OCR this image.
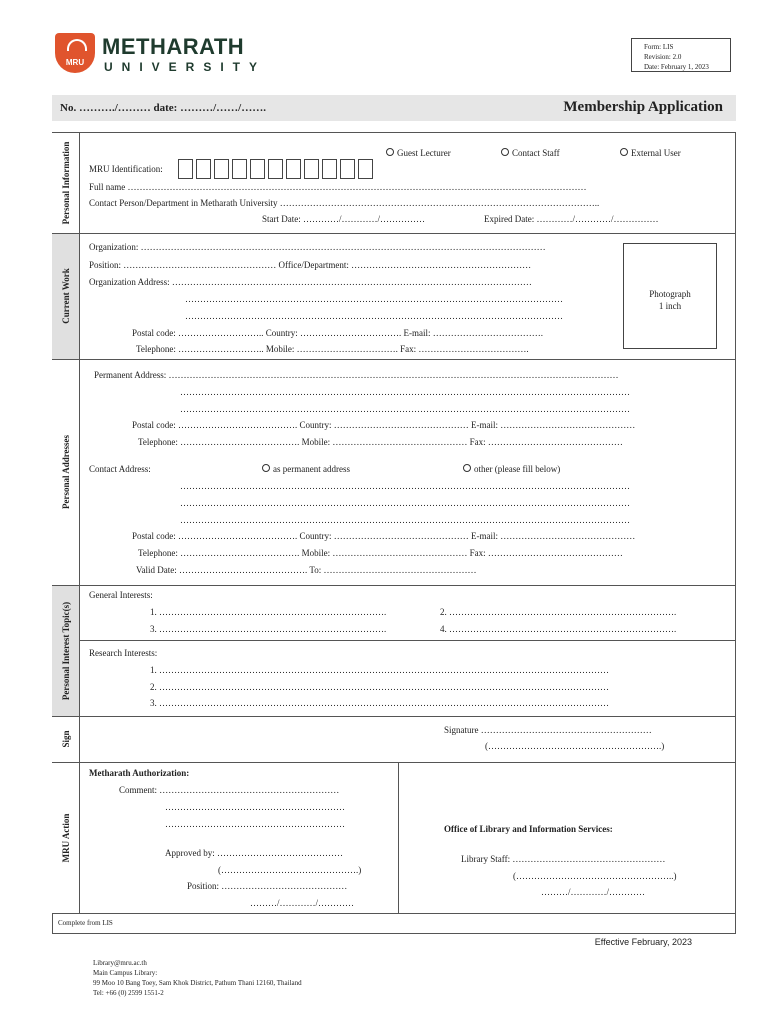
MRU
METHARATH
UNIVERSITY
Form: LIS
Revision: 2.0
Date: February 1, 2023
No. ………./……… date: ………/……/…….	Membership Application
Personal Information
Current Work
Personal Addresses
Personal Interest Topic(s)
Sign
MRU Action
Guest Lecturer	Contact Staff	External User
MRU Identification:
Full name ………………………………………………………………………………………………………………………………………
Contact Person/Department in Metharath University ……………………………………………………………………………………………..
Start Date: …………/…………/……………	Expired Date: …………/…………/……………
Organization: ………………………………………………………………………………………………………………………
Position: …………………………………………… Office/Department: ……………………………………………………
Organization Address: …………………………………………………………………………………………………………
………………………………………………………………………………………………………………
………………………………………………………………………………………………………………
Postal code: ……………………….. Country: ……………………………. E-mail: ……………………………….
Telephone: ……………………….. Mobile: ……………………………. Fax: ……………………………….
Photograph
1 inch
Permanent Address: ……………………………………………………………………………………………………………………………………
……………………………………………………………………………………………………………………………………
……………………………………………………………………………………………………………………………………
Postal code: …………………………………. Country: ……………………………………… E-mail: ………………………………………
Telephone: …………………………………. Mobile: ……………………………………… Fax: ………………………………………
Contact Address:	as permanent address	other (please fill below)
……………………………………………………………………………………………………………………………………
……………………………………………………………………………………………………………………………………
……………………………………………………………………………………………………………………………………
Postal code: …………………………………. Country: ……………………………………… E-mail: ………………………………………
Telephone: …………………………………. Mobile: ……………………………………… Fax: ………………………………………
Valid Date: ……………………………………. To: ……………………………………………
General Interests:
1. ………………………………………………………………….	2. ………………………………………………………………….
3. ………………………………………………………………….	4. ………………………………………………………………….
Research Interests:
1. ……………………………………………………………………………………………………………………………………
2. ……………………………………………………………………………………………………………………………………
3. ……………………………………………………………………………………………………………………………………
Signature …………………………………………………
(………………………………………………….)
Metharath Authorization:
Comment: ……………………………………………………
……………………………………………………
……………………………………………………
Approved by: ……………………………………
(……………………………………….)
Position: ……………………………………
………/…………/…………
Office of Library and Information Services:
Library Staff: ……………………………………………
(……………………………………………..)
………/…………/…………
Complete from LIS
Effective February, 2023
Library@mru.ac.th
Main Campus Library:
99 Moo 10 Bang Toey, Sam Khok District, Pathum Thani 12160, Thailand
Tel: +66 (0) 2599 1551-2
